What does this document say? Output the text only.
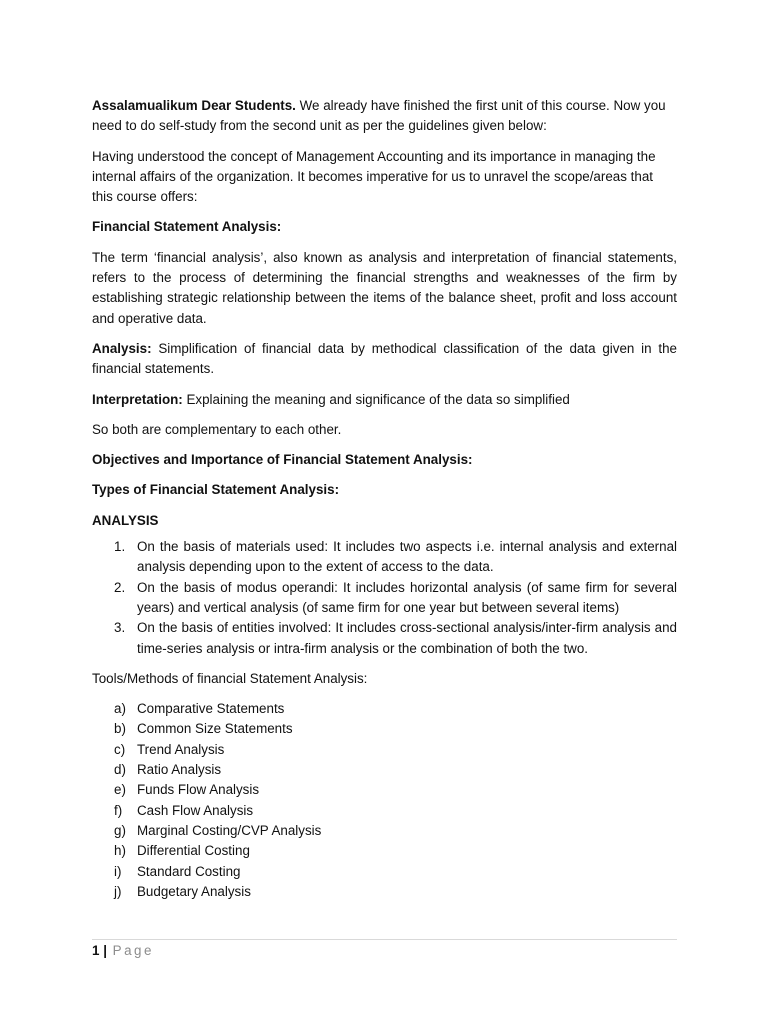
Assalamualikum Dear Students. We already have finished the first unit of this course. Now you need to do self-study from the second unit as per the guidelines given below:

Having understood the concept of Management Accounting and its importance in managing the internal affairs of the organization. It becomes imperative for us to unravel the scope/areas that this course offers:

Financial Statement Analysis:

The term ‘financial analysis’, also known as analysis and interpretation of financial statements, refers to the process of determining the financial strengths and weaknesses of the firm by establishing strategic relationship between the items of the balance sheet, profit and loss account and operative data.

Analysis: Simplification of financial data by methodical classification of the data given in the financial statements.

Interpretation: Explaining the meaning and significance of the data so simplified

So both are complementary to each other.

Objectives and Importance of Financial Statement Analysis:

Types of Financial Statement Analysis:

ANALYSIS

1. On the basis of materials used: It includes two aspects i.e. internal analysis and external analysis depending upon to the extent of access to the data.
2. On the basis of modus operandi: It includes horizontal analysis (of same firm for several years) and vertical analysis (of same firm for one year but between several items)
3. On the basis of entities involved: It includes cross-sectional analysis/inter-firm analysis and time-series analysis or intra-firm analysis or the combination of both the two.

Tools/Methods of financial Statement Analysis:

a) Comparative Statements
b) Common Size Statements
c) Trend Analysis
d) Ratio Analysis
e) Funds Flow Analysis
f) Cash Flow Analysis
g) Marginal Costing/CVP Analysis
h) Differential Costing
i) Standard Costing
j) Budgetary Analysis
1 | Page
